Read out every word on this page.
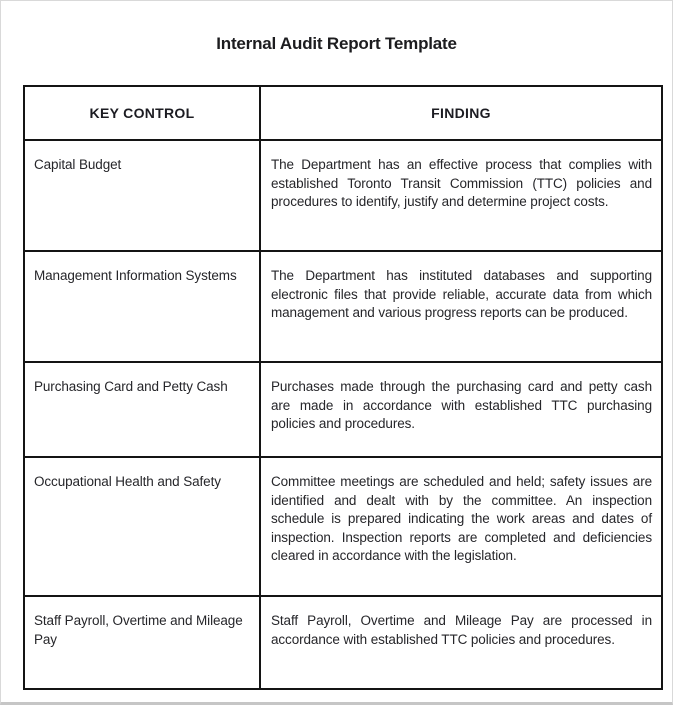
Internal Audit Report Template
KEY CONTROL	FINDING
Capital Budget	The Department has an effective process that complies with established Toronto Transit Commission (TTC) policies and procedures to identify, justify and determine project costs.
Management Information Systems	The Department has instituted databases and supporting electronic files that provide reliable, accurate data from which management and various progress reports can be produced.
Purchasing Card and Petty Cash	Purchases made through the purchasing card and petty cash are made in accordance with established TTC purchasing policies and procedures.
Occupational Health and Safety	Committee meetings are scheduled and held; safety issues are identified and dealt with by the committee. An inspection schedule is prepared indicating the work areas and dates of inspection. Inspection reports are completed and deficiencies cleared in accordance with the legislation.
Staff Payroll, Overtime and Mileage Pay	Staff Payroll, Overtime and Mileage Pay are processed in accordance with established TTC policies and procedures.
